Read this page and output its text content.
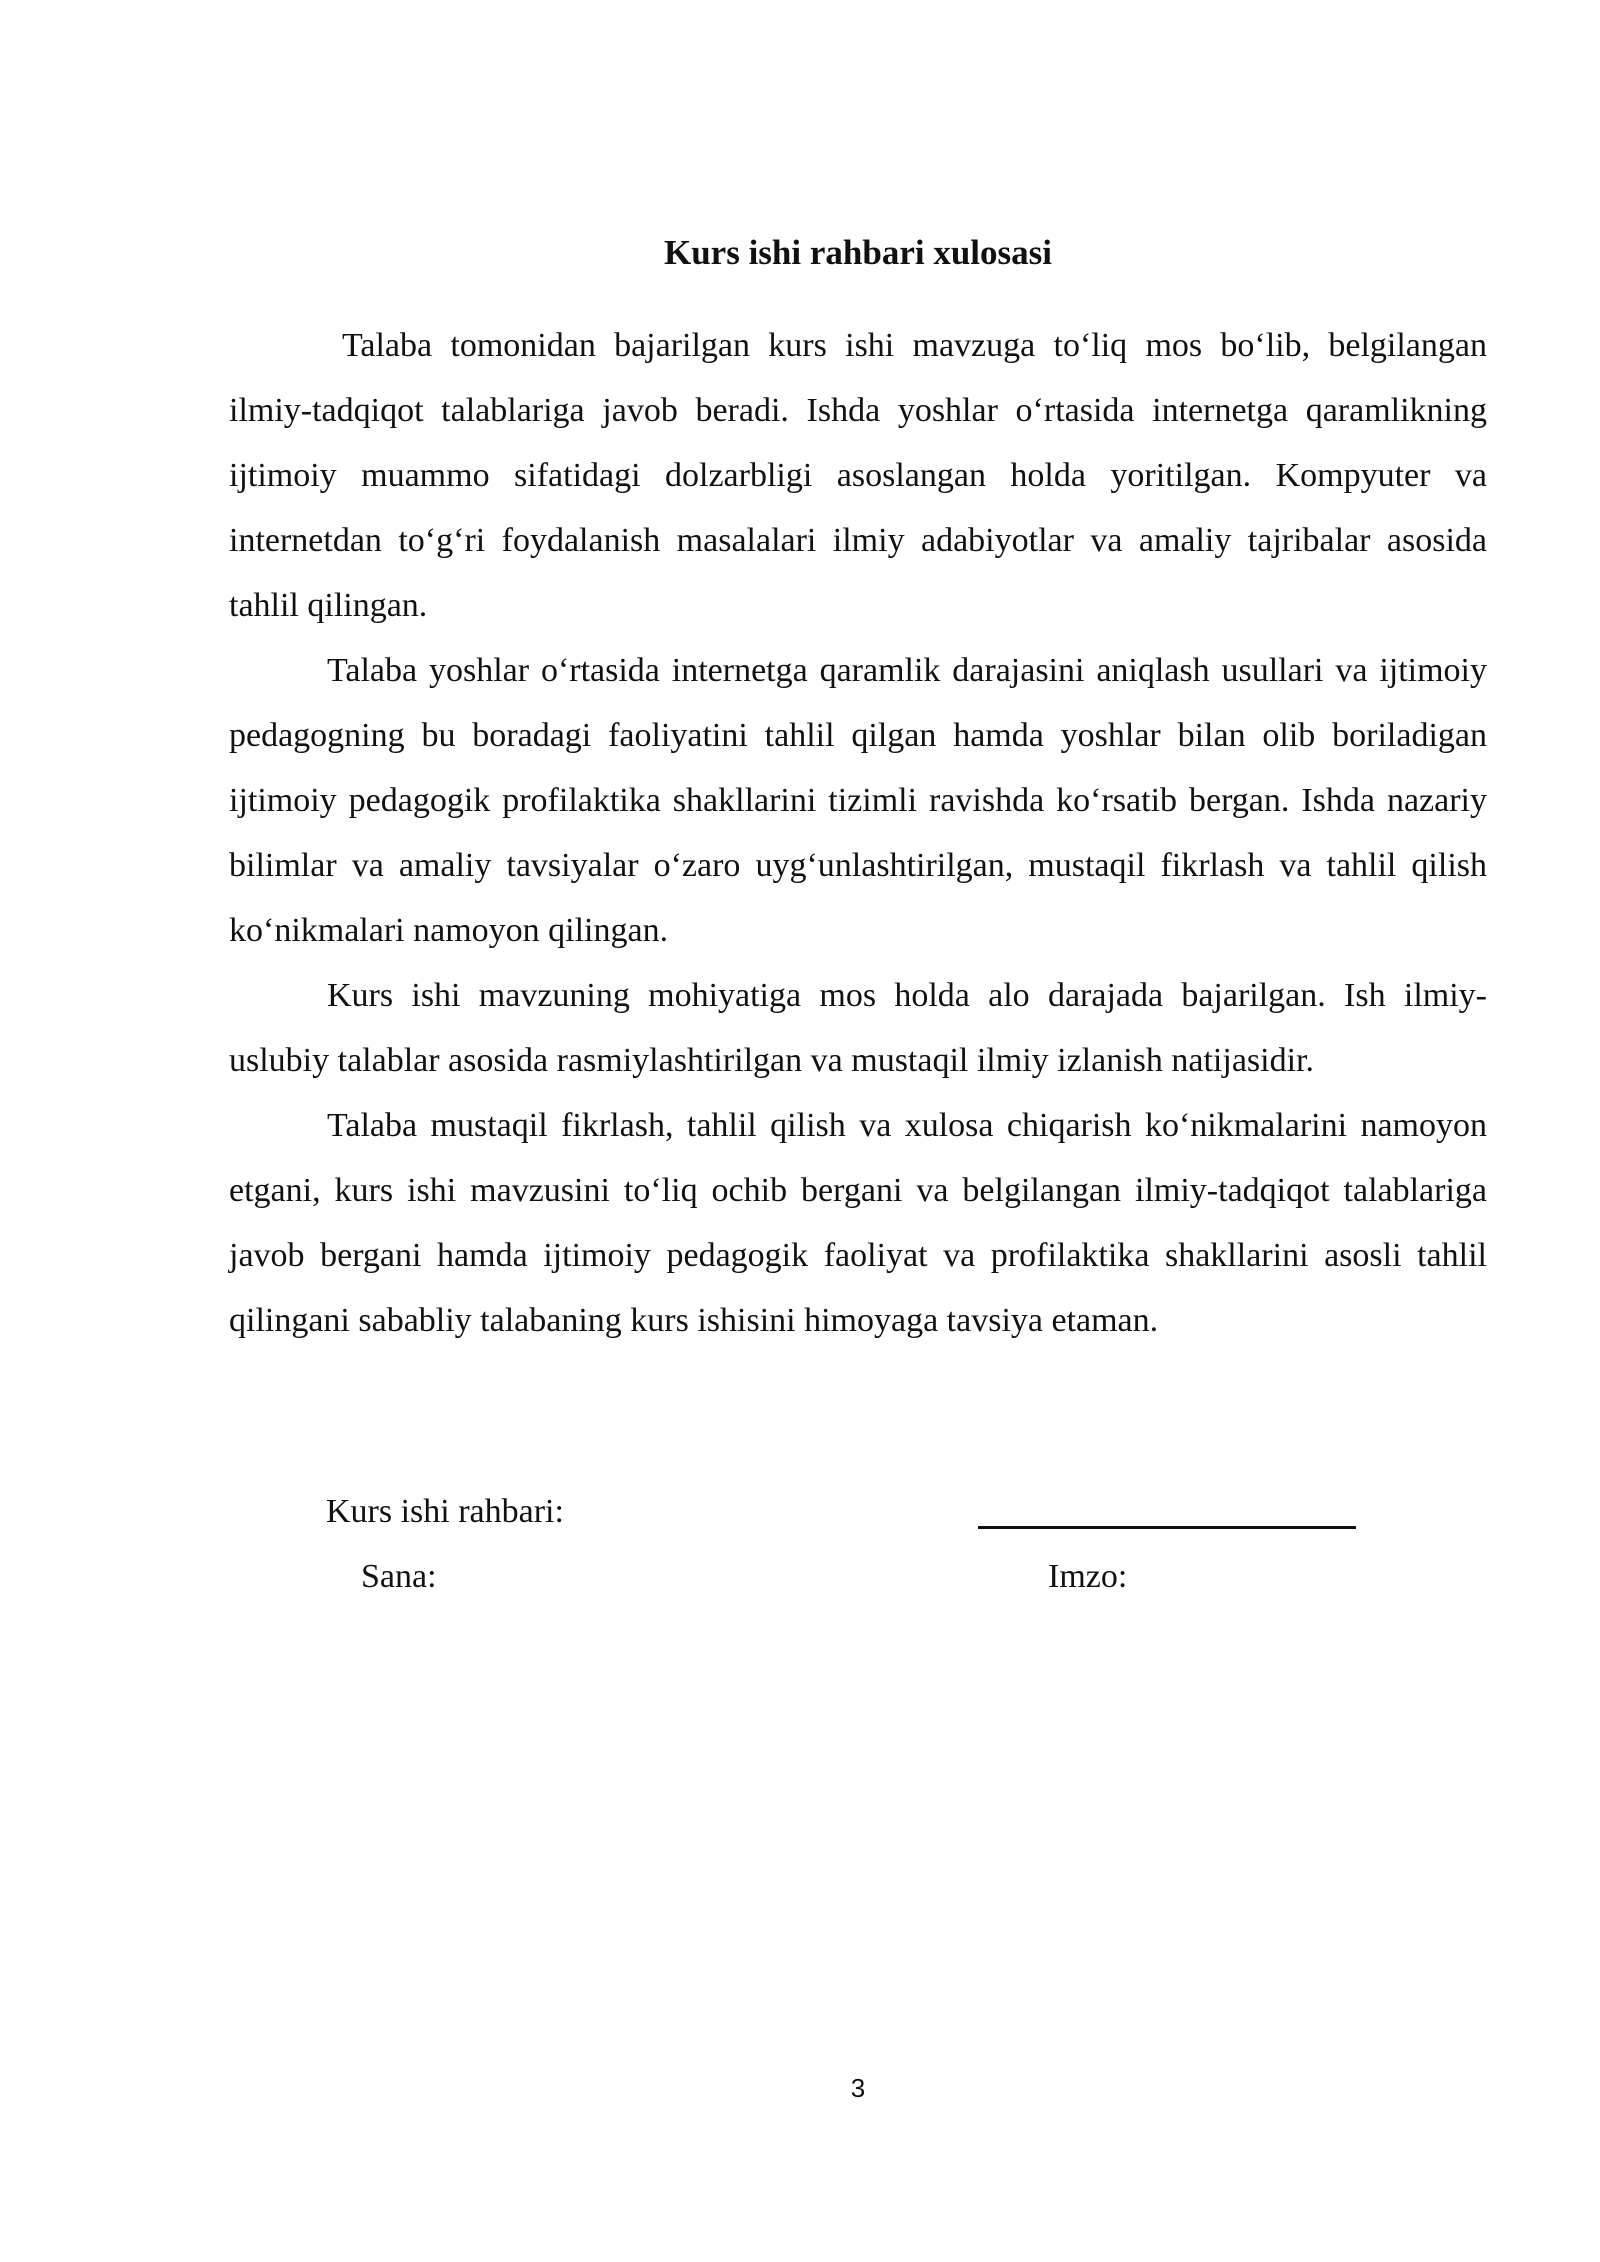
Kurs ishi rahbari xulosasi

Talaba tomonidan bajarilgan kurs ishi mavzuga to‘liq mos bo‘lib, belgilangan ilmiy-tadqiqot talablariga javob beradi. Ishda yoshlar o‘rtasida internetga qaramlikning ijtimoiy muammo sifatidagi dolzarbligi asoslangan holda yoritilgan. Kompyuter va internetdan to‘g‘ri foydalanish masalalari ilmiy adabiyotlar va amaliy tajribalar asosida tahlil qilingan.

Talaba yoshlar o‘rtasida internetga qaramlik darajasini aniqlash usullari va ijtimoiy pedagogning bu boradagi faoliyatini tahlil qilgan hamda yoshlar bilan olib boriladigan ijtimoiy pedagogik profilaktika shakllarini tizimli ravishda ko‘rsatib bergan. Ishda nazariy bilimlar va amaliy tavsiyalar o‘zaro uyg‘unlashtirilgan, mustaqil fikrlash va tahlil qilish ko‘nikmalari namoyon qilingan.

Kurs ishi mavzuning mohiyatiga mos holda alo darajada bajarilgan. Ish ilmiy-uslubiy talablar asosida rasmiylashtirilgan va mustaqil ilmiy izlanish natijasidir.

Talaba mustaqil fikrlash, tahlil qilish va xulosa chiqarish ko‘nikmalarini namoyon etgani, kurs ishi mavzusini to‘liq ochib bergani va belgilangan ilmiy-tadqiqot talablariga javob bergani hamda ijtimoiy pedagogik faoliyat va profilaktika shakllarini asosli tahlil qilingani sababliy talabaning kurs ishisini himoyaga tavsiya etaman.

Kurs ishi rahbari:
Sana:	Imzo:
3
